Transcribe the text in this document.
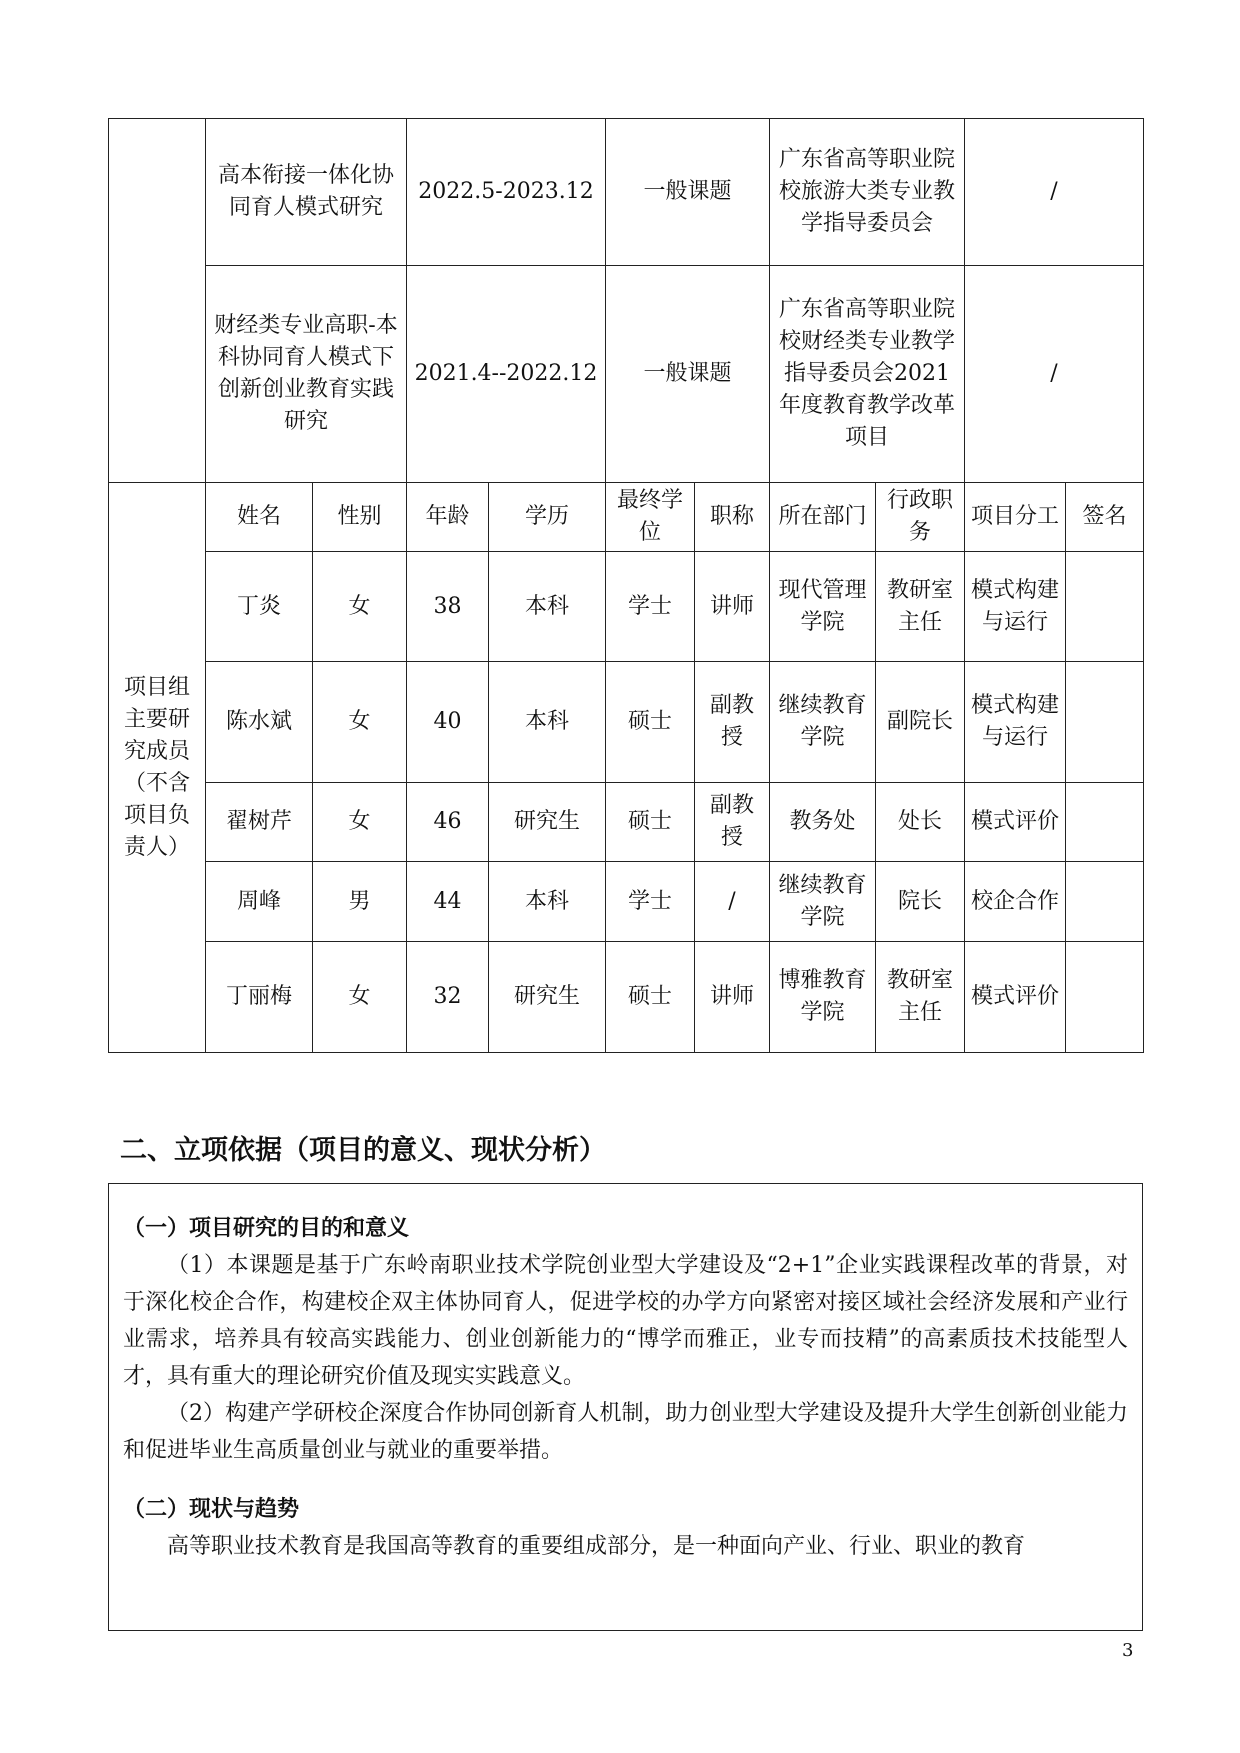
	高本衔接一体化协同育人模式研究	2022.5-2023.12	一般课题	广东省高等职业院校旅游大类专业教学指导委员会	/
	财经类专业高职-本科协同育人模式下创新创业教育实践研究	2021.4--2022.12	一般课题	广东省高等职业院校财经类专业教学指导委员会2021年度教育教学改革项目	/
项目组主要研究成员（不含项目负责人）	姓名	性别	年龄	学历	最终学位	职称	所在部门	行政职务	项目分工	签名
	丁炎	女	38	本科	学士	讲师	现代管理学院	教研室主任	模式构建与运行	
	陈水斌	女	40	本科	硕士	副教授	继续教育学院	副院长	模式构建与运行	
	翟树芹	女	46	研究生	硕士	副教授	教务处	处长	模式评价	
	周峰	男	44	本科	学士	/	继续教育学院	院长	校企合作	
	丁丽梅	女	32	研究生	硕士	讲师	博雅教育学院	教研室主任	模式评价	
二、立项依据（项目的意义、现状分析）
（一）项目研究的目的和意义

（1）本课题是基于广东岭南职业技术学院创业型大学建设及“2+1”企业实践课程改革的背景，对于深化校企合作，构建校企双主体协同育人，促进学校的办学方向紧密对接区域社会经济发展和产业行业需求，培养具有较高实践能力、创业创新能力的“博学而雅正，业专而技精”的高素质技术技能型人才，具有重大的理论研究价值及现实实践意义。

（2）构建产学研校企深度合作协同创新育人机制，助力创业型大学建设及提升大学生创新创业能力和促进毕业生高质量创业与就业的重要举措。

（二）现状与趋势

高等职业技术教育是我国高等教育的重要组成部分，是一种面向产业、行业、职业的教育

3
